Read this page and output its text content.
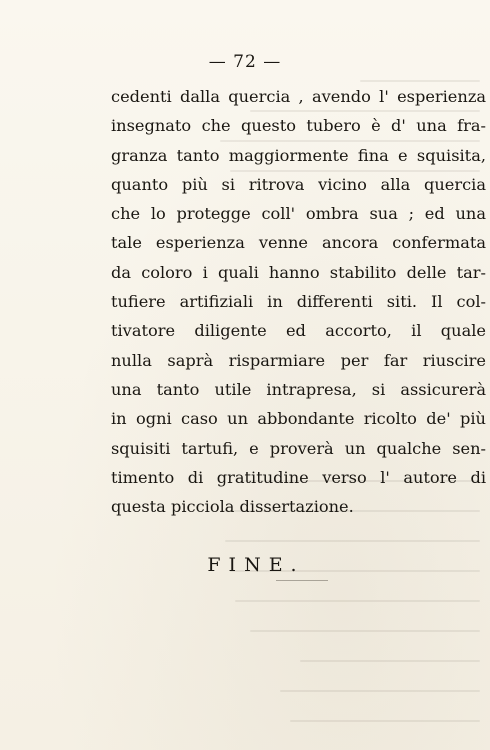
— 72 —
cedenti dalla quercia , avendo l' esperienza
insegnato che questo tubero è d' una fra-
granza tanto maggiormente fina e squisita,
quanto più si ritrova vicino alla quercia
che lo protegge coll' ombra sua ; ed una
tale esperienza venne ancora confermata
da coloro i quali hanno stabilito delle tar-
tufiere artifiziali in differenti siti. Il col-
tivatore diligente ed accorto, il quale
nulla saprà risparmiare per far riuscire
una tanto utile intrapresa, si assicurerà
in ogni caso un abbondante ricolto de' più
squisiti tartufi, e proverà un qualche sen-
timento di gratitudine verso l' autore di
questa picciola dissertazione.
FINE.
